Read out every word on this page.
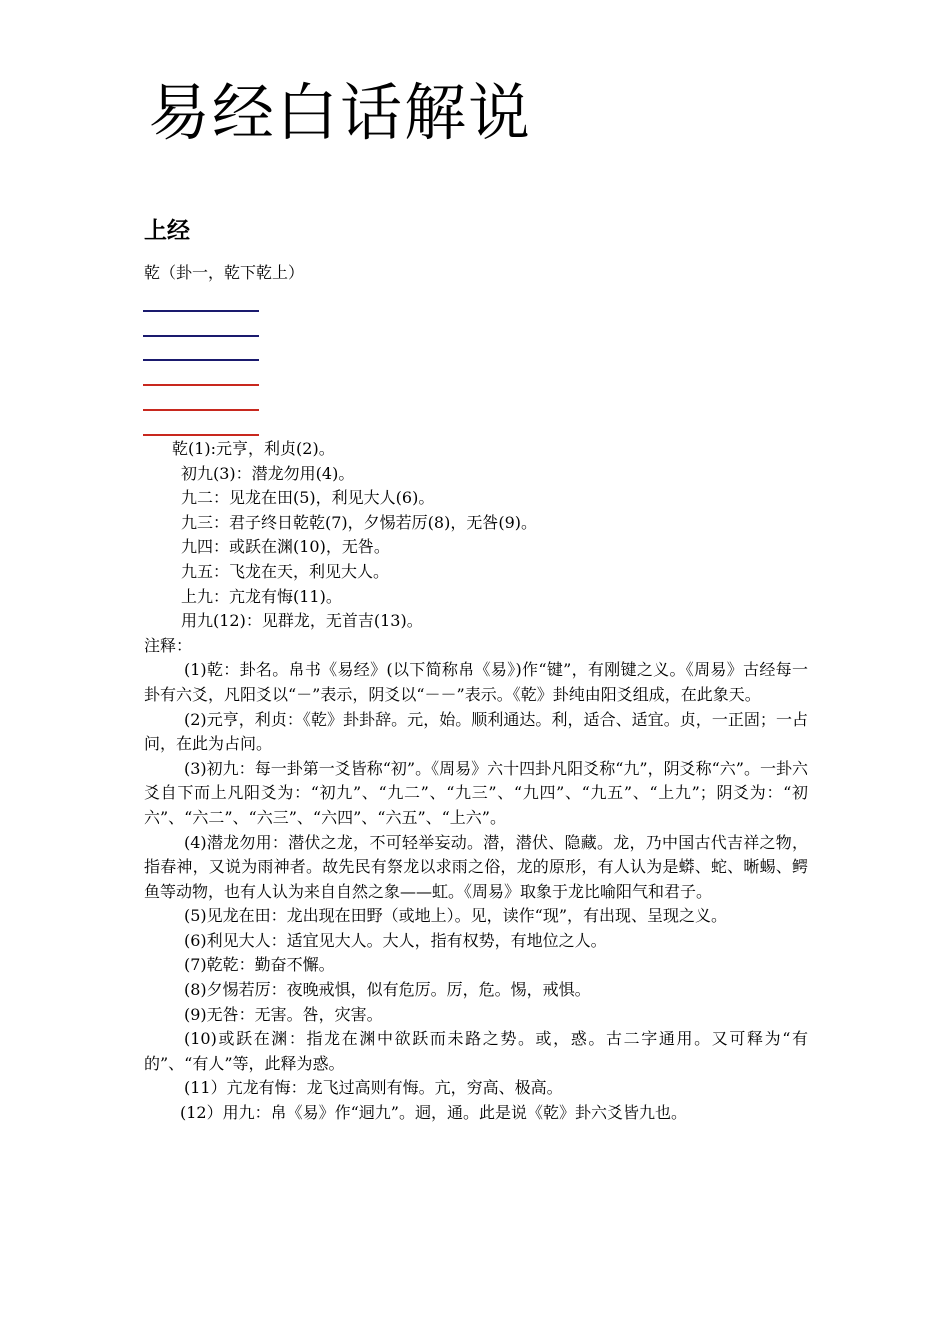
易经白话解说
上经
乾（卦一，乾下乾上）

乾(1):元亨，利贞(2)。

初九(3)：潜龙勿用(4)。

九二：见龙在田(5)，利见大人(6)。

九三：君子终日乾乾(7)，夕惕若厉(8)，无咎(9)。

九四：或跃在渊(10)，无咎。

九五：飞龙在天，利见大人。

上九：亢龙有悔(11)。

用九(12)：见群龙，无首吉(13)。

注释：

(1)乾：卦名。帛书《易经》(以下简称帛《易》)作“键”，有刚键之义。《周易》古经每一卦有六爻，凡阳爻以“－”表示，阴爻以“－－”表示。《乾》卦纯由阳爻组成，在此象天。

(2)元亨，利贞：《乾》卦卦辞。元，始。顺利通达。利，适合、适宜。贞，一正固；一占问，在此为占问。

(3)初九：每一卦第一爻皆称“初”。《周易》六十四卦凡阳爻称“九”，阴爻称“六”。一卦六爻自下而上凡阳爻为：“初九”、“九二”、“九三”、“九四”、“九五”、“上九”；阴爻为：“初六”、“六二”、“六三”、“六四”、“六五”、“上六”。

(4)潜龙勿用：潜伏之龙，不可轻举妄动。潜，潜伏、隐藏。龙，乃中国古代吉祥之物，指春神，又说为雨神者。故先民有祭龙以求雨之俗，龙的原形，有人认为是蟒、蛇、晰蜴、鳄鱼等动物，也有人认为来自自然之象——虹。《周易》取象于龙比喻阳气和君子。

(5)见龙在田：龙出现在田野（或地上）。见，读作“现”，有出现、呈现之义。

(6)利见大人：适宜见大人。大人，指有权势，有地位之人。

(7)乾乾：勤奋不懈。

(8)夕惕若厉：夜晚戒惧，似有危厉。厉，危。惕，戒惧。

(9)无咎：无害。咎，灾害。

(10)或跃在渊：指龙在渊中欲跃而未路之势。或，惑。古二字通用。又可释为“有的”、“有人”等，此释为惑。

(11）亢龙有悔：龙飞过高则有悔。亢，穷高、极高。

(12）用九：帛《易》作“迵九”。迵，通。此是说《乾》卦六爻皆九也。
